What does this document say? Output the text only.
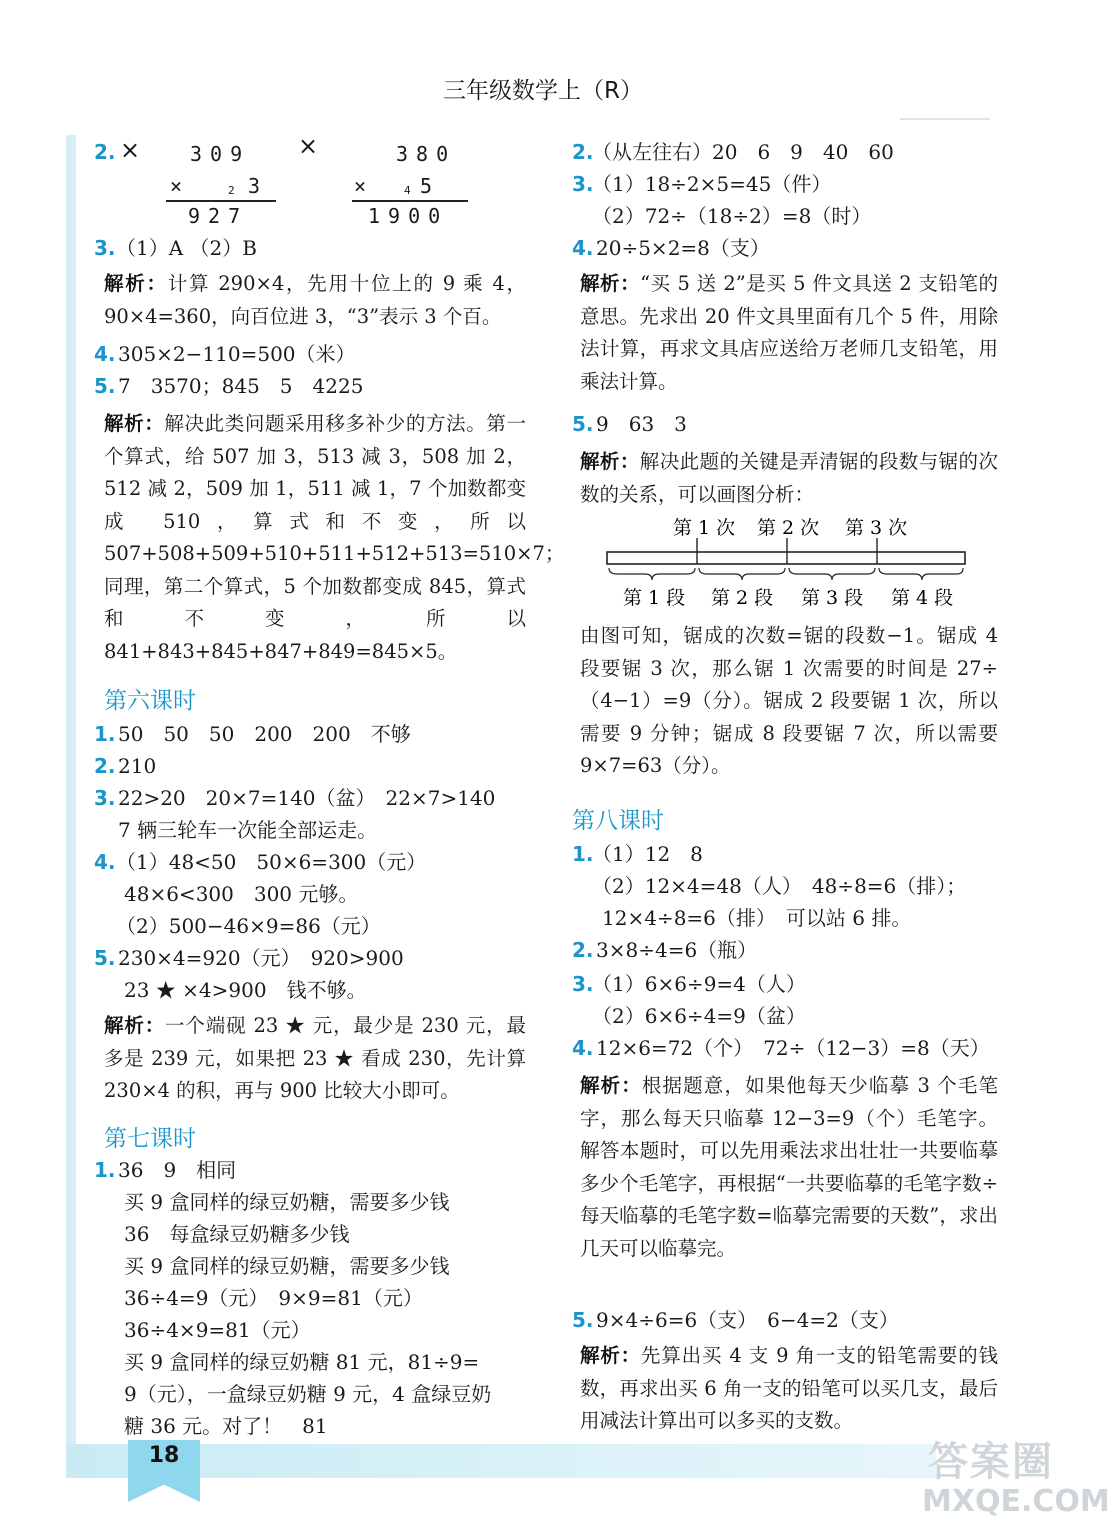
三年级数学上（R）
2. × 309
×	2 3
927
×	380
×	4 5
1900
3. （1）A （2）B
解析：计算 290×4，先用十位上的 9 乘 4，90×4=360，向百位进 3，“3”表示 3 个百。
4. 305×2−110=500（米）
5. 7　3570；845　5　4225
解析：解决此类问题采用移多补少的方法。第一个算式，给 507 加 3，513 减 3，508 加 2，512 减 2，509 加 1，511 减 1，7 个加数都变成 510，算式和不变，所以 507+508+509+510+511+512+513=510×7；同理，第二个算式，5 个加数都变成 845，算式和不变，所以 841+843+845+847+849=845×5。
第六课时
1. 50　50　50　200　200　不够
2. 210
3. 22>20　20×7=140（盆）　22×7>140
7 辆三轮车一次能全部运走。
4. （1）48<50　50×6=300（元）
48×6<300　300 元够。
（2）500−46×9=86（元）
5. 230×4=920（元）　920>900
23 ★ ×4>900　钱不够。
解析：一个端砚 23 ★ 元，最少是 230 元，最多是 239 元，如果把 23 ★ 看成 230，先计算 230×4 的积，再与 900 比较大小即可。
第七课时
1. 36　9　相同
买 9 盒同样的绿豆奶糖，需要多少钱
36　每盒绿豆奶糖多少钱
买 9 盒同样的绿豆奶糖，需要多少钱
36÷4=9（元）　9×9=81（元）
36÷4×9=81（元）
买 9 盒同样的绿豆奶糖 81 元，81÷9=
9（元），一盒绿豆奶糖 9 元，4 盒绿豆奶
糖 36 元。对了！　81
2.
（从左往右）20　6　9　40　60
3.
（1）18÷2×5=45（件）
（2）72÷（18÷2）=8（时）
4. 20÷5×2=8（支）
解析：“买 5 送 2”是买 5 件文具送 2 支铅笔的意思。先求出 20 件文具里面有几个 5 件，用除法计算，再求文具店应送给万老师几支铅笔，用乘法计算。
5. 9　63　3
解析：解决此题的关键是弄清锯的段数与锯的次数的关系，可以画图分析：
由图可知，锯成的次数=锯的段数−1。锯成 4 段要锯 3 次，那么锯 1 次需要的时间是 27÷（4−1）=9（分）。锯成 2 段要锯 1 次，所以需要 9 分钟；锯成 8 段要锯 7 次，所以需要 9×7=63（分）。
第八课时
1.
（1）12　8
（2）12×4=48（人）　48÷8=6（排）；
12×4÷8=6（排）　可以站 6 排。
2. 3×8÷4=6（瓶）
3.
（1）6×6÷9=4（人）
（2）6×6÷4=9（盆）
4. 12×6=72（个）　72÷（12−3）=8（天）
解析：根据题意，如果他每天少临摹 3 个毛笔字，那么每天只临摹 12−3=9（个）毛笔字。解答本题时，可以先用乘法求出壮壮一共要临摹多少个毛笔字，再根据“一共要临摹的毛笔字数÷每天临摹的毛笔字数=临摹完需要的天数”，求出几天可以临摹完。
5. 9×4÷6=6（支）　6−4=2（支）
解析：先算出买 4 支 9 角一支的铅笔需要的钱数，再求出买 6 角一支的铅笔可以买几支，最后用减法计算出可以多买的支数。
第 1 次 第 2 次 第 3 次
第 1 段 第 2 段 第 3 段 第 4 段
18	答案圈
MXQE.COM
